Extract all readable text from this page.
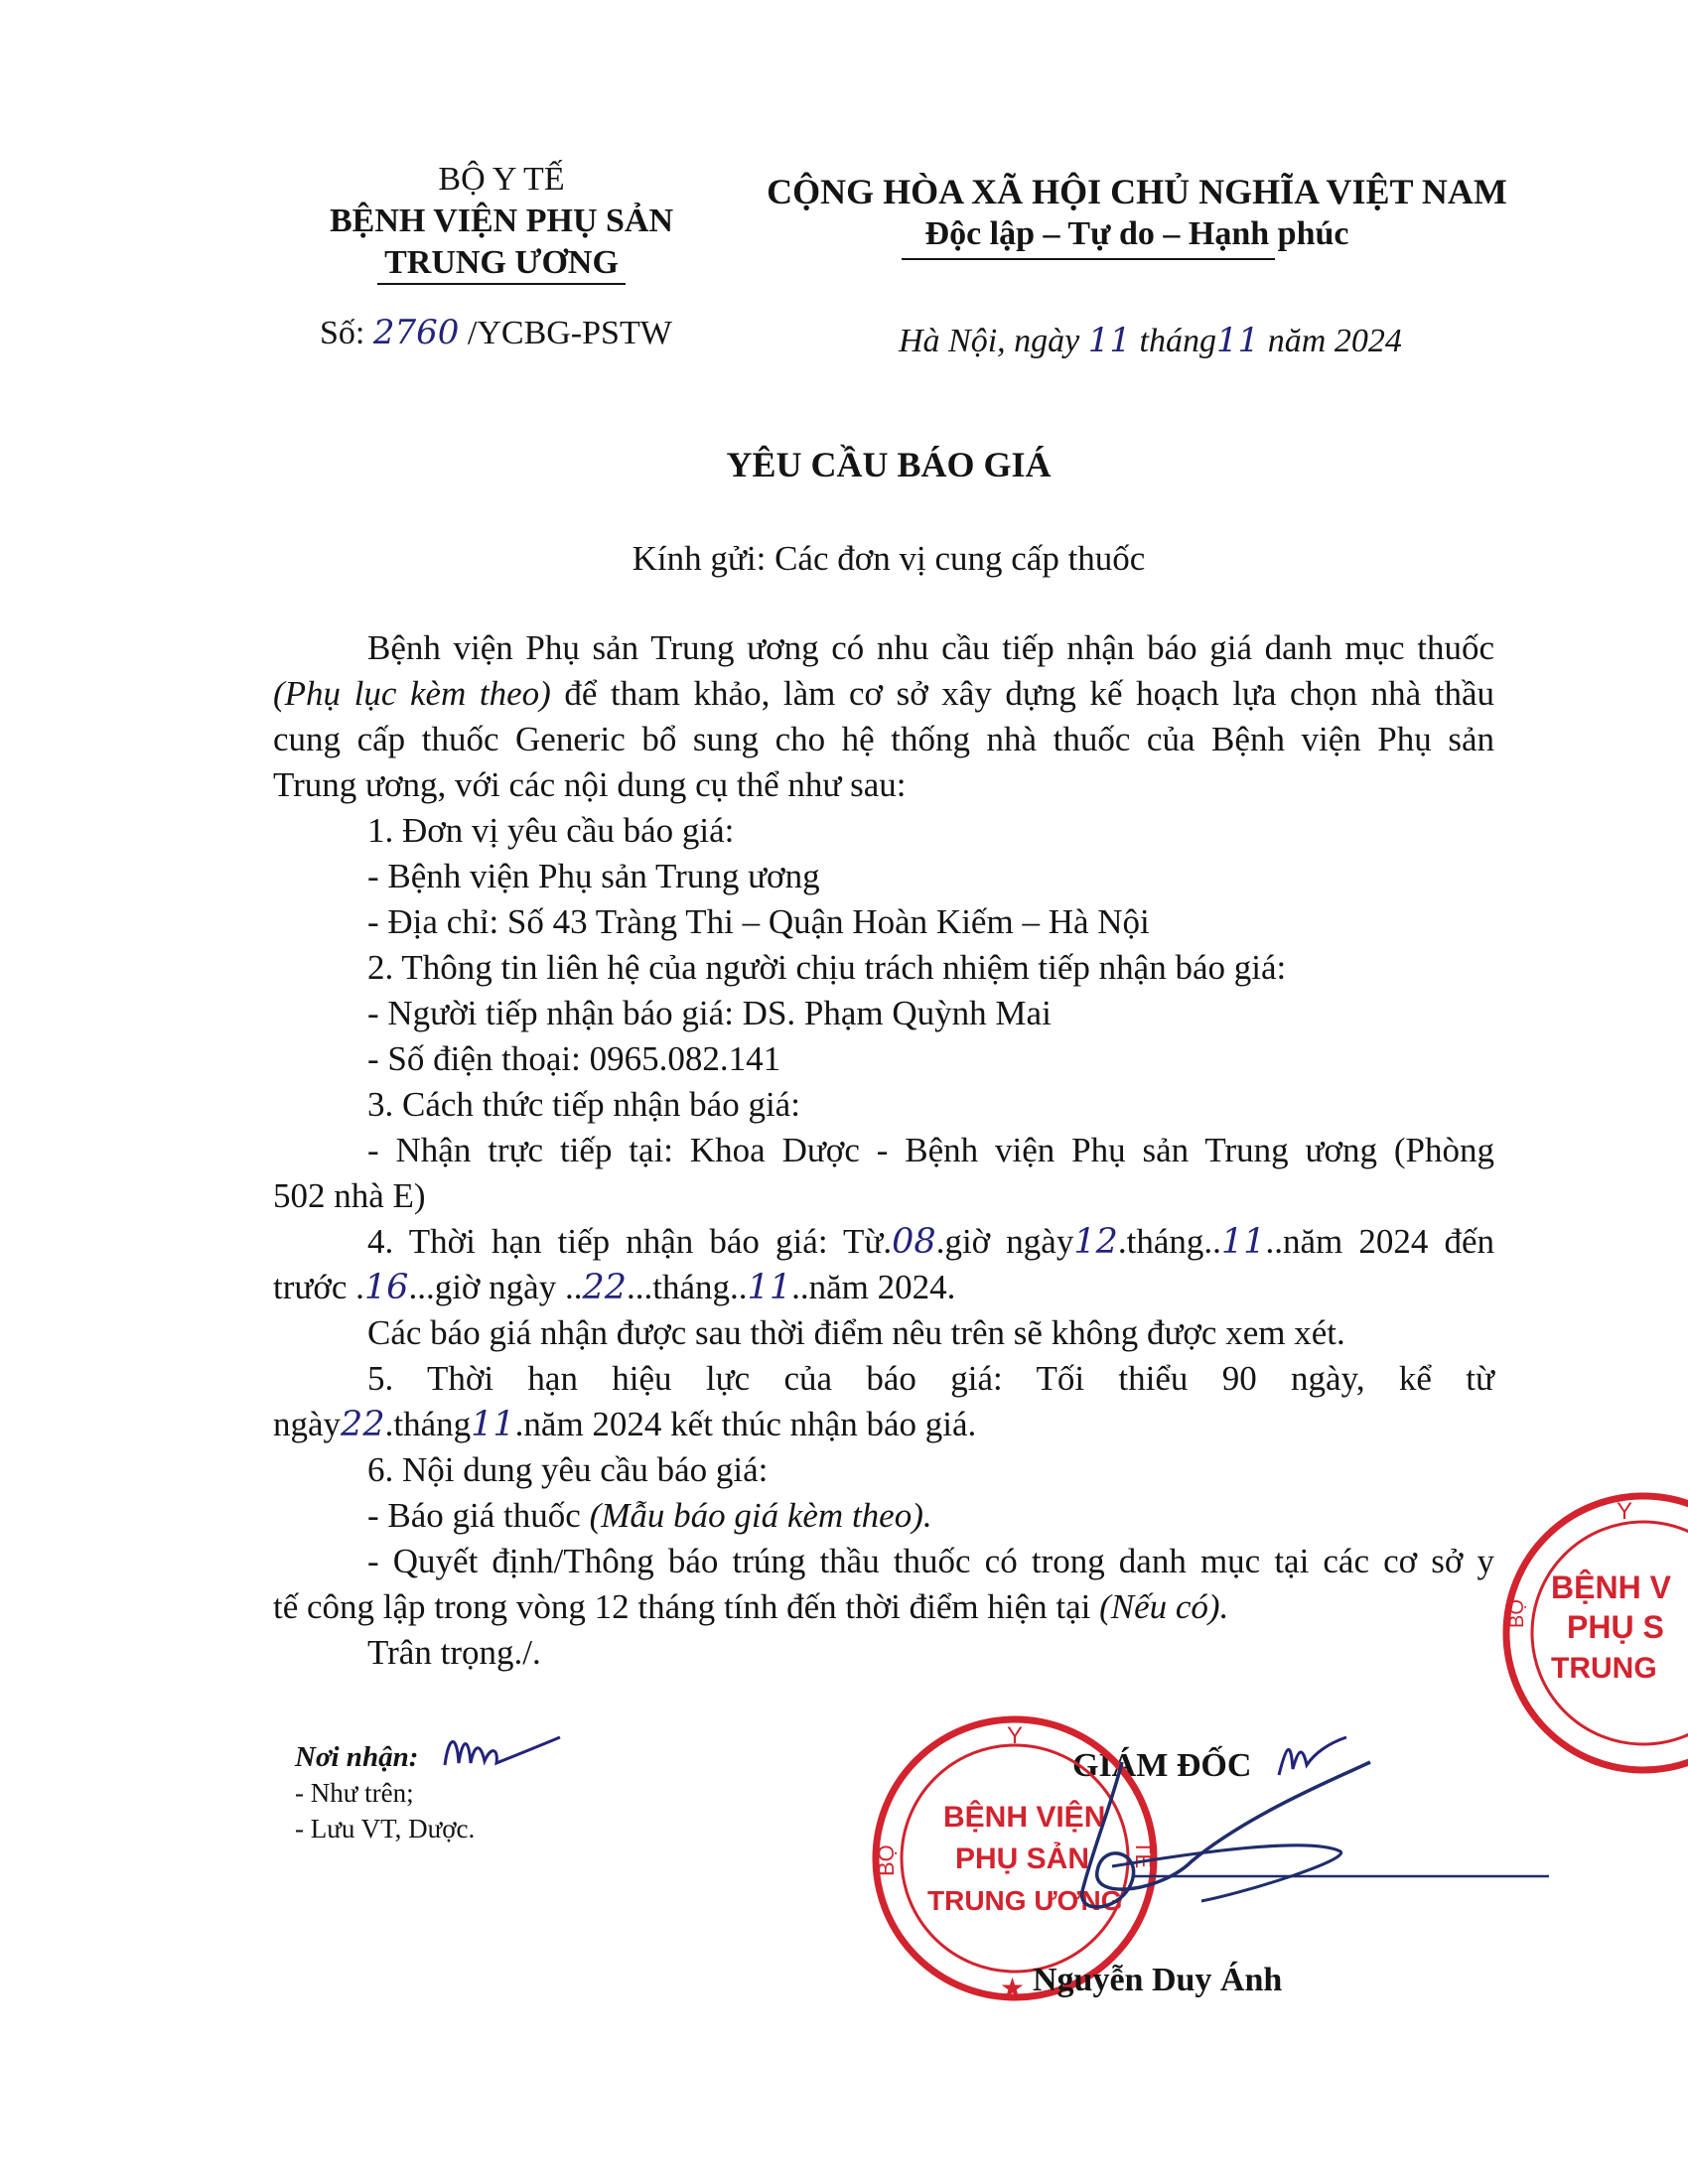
BỘ Y TẾ
BỆNH VIỆN PHỤ SẢN
TRUNG ƯƠNG
Số: 2760 /YCBG-PSTW
CỘNG HÒA XÃ HỘI CHỦ NGHĨA VIỆT NAM
Độc lập – Tự do – Hạnh phúc
Hà Nội, ngày 11 tháng11 năm 2024
YÊU CẦU BÁO GIÁ
Kính gửi: Các đơn vị cung cấp thuốc
Bệnh viện Phụ sản Trung ương có nhu cầu tiếp nhận báo giá danh mục thuốc
(Phụ lục kèm theo) để tham khảo, làm cơ sở xây dựng kế hoạch lựa chọn nhà thầu
cung cấp thuốc Generic bổ sung cho hệ thống nhà thuốc của Bệnh viện Phụ sản
Trung ương, với các nội dung cụ thể như sau:
1. Đơn vị yêu cầu báo giá:
- Bệnh viện Phụ sản Trung ương
- Địa chỉ: Số 43 Tràng Thi – Quận Hoàn Kiếm – Hà Nội
2. Thông tin liên hệ của người chịu trách nhiệm tiếp nhận báo giá:
- Người tiếp nhận báo giá: DS. Phạm Quỳnh Mai
- Số điện thoại: 0965.082.141
3. Cách thức tiếp nhận báo giá:
- Nhận trực tiếp tại: Khoa Dược - Bệnh viện Phụ sản Trung ương (Phòng
502 nhà E)
4. Thời hạn tiếp nhận báo giá: Từ.08.giờ ngày12.tháng..11..năm 2024 đến
trước .16...giờ ngày ..22...tháng..11..năm 2024.
Các báo giá nhận được sau thời điểm nêu trên sẽ không được xem xét.
5. Thời hạn hiệu lực của báo giá: Tối thiểu 90 ngày, kể từ
ngày22.tháng11.năm 2024 kết thúc nhận báo giá.
6. Nội dung yêu cầu báo giá:
- Báo giá thuốc (Mẫu báo giá kèm theo).
- Quyết định/Thông báo trúng thầu thuốc có trong danh mục tại các cơ sở y
tế công lập trong vòng 12 tháng tính đến thời điểm hiện tại (Nếu có).
Trân trọng./.
Nơi nhận:
- Như trên;
- Lưu VT, Dược.
Y
BỘ
BỆNH V
PHỤ S
TRUNG
GIÁM ĐỐC
Y
BỘ	TẾ
BỆNH VIỆN
PHỤ SẢN
TRUNG ƯƠNG
★ Nguyễn Duy Ánh
